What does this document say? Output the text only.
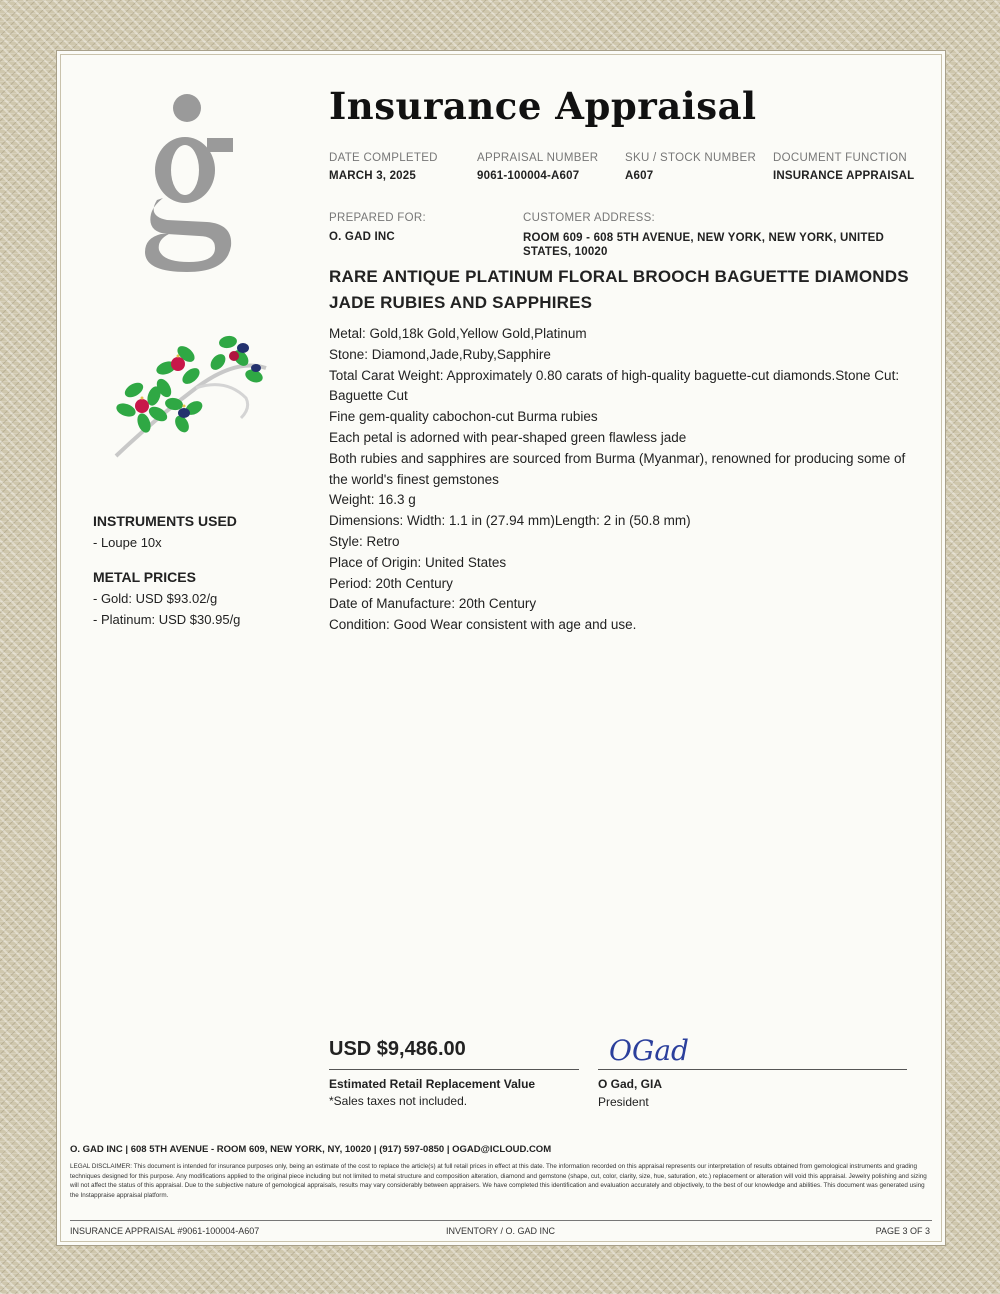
Insurance Appraisal
DATE COMPLETED
MARCH 3, 2025
APPRAISAL NUMBER
9061-100004-A607
SKU / STOCK NUMBER
A607
DOCUMENT FUNCTION
INSURANCE APPRAISAL
PREPARED FOR:
O. GAD INC
CUSTOMER ADDRESS:
ROOM 609 - 608 5TH AVENUE, NEW YORK, NEW YORK, UNITED STATES, 10020
RARE ANTIQUE PLATINUM FLORAL BROOCH BAGUETTE DIAMONDS JADE RUBIES AND SAPPHIRES
Metal: Gold,18k Gold,Yellow Gold,Platinum
Stone: Diamond,Jade,Ruby,Sapphire
Total Carat Weight: Approximately 0.80 carats of high-quality baguette-cut diamonds.Stone Cut: Baguette Cut
Fine gem-quality cabochon-cut Burma rubies
Each petal is adorned with pear-shaped green flawless jade
Both rubies and sapphires are sourced from Burma (Myanmar), renowned for producing some of the world's finest gemstones
Weight: 16.3 g
Dimensions: Width: 1.1 in (27.94 mm)Length: 2 in (50.8 mm)
Style: Retro
Place of Origin: United States
Period: 20th Century
Date of Manufacture: 20th Century
Condition: Good Wear consistent with age and use.
INSTRUMENTS USED
- Loupe 10x
METAL PRICES
- Gold: USD $93.02/g
- Platinum: USD $30.95/g
USD $9,486.00
Estimated Retail Replacement Value
*Sales taxes not included.
OGad
O Gad, GIA
President
O. GAD INC | 608 5TH AVENUE - ROOM 609, NEW YORK, NY, 10020 | (917) 597-0850 | OGAD@ICLOUD.COM
LEGAL DISCLAIMER: This document is intended for insurance purposes only, being an estimate of the cost to replace the article(s) at full retail prices in effect at this date. The information recorded on this appraisal represents our interpretation of results obtained from gemological instruments and grading techniques designed for this purpose. Any modifications applied to the original piece including but not limited to metal structure and composition alteration, diamond and gemstone (shape, cut, color, clarity, size, hue, saturation, etc.) replacement or alteration will void this appraisal. Jewelry polishing and sizing will not affect the status of this appraisal. Due to the subjective nature of gemological appraisals, results may vary considerably between appraisers. We have completed this identification and evaluation accurately and objectively, to the best of our knowledge and abilities. This document was generated using the Instappraise appraisal platform.
INSURANCE APPRAISAL #9061-100004-A607	INVENTORY / O. GAD INC	PAGE 3 OF 3
